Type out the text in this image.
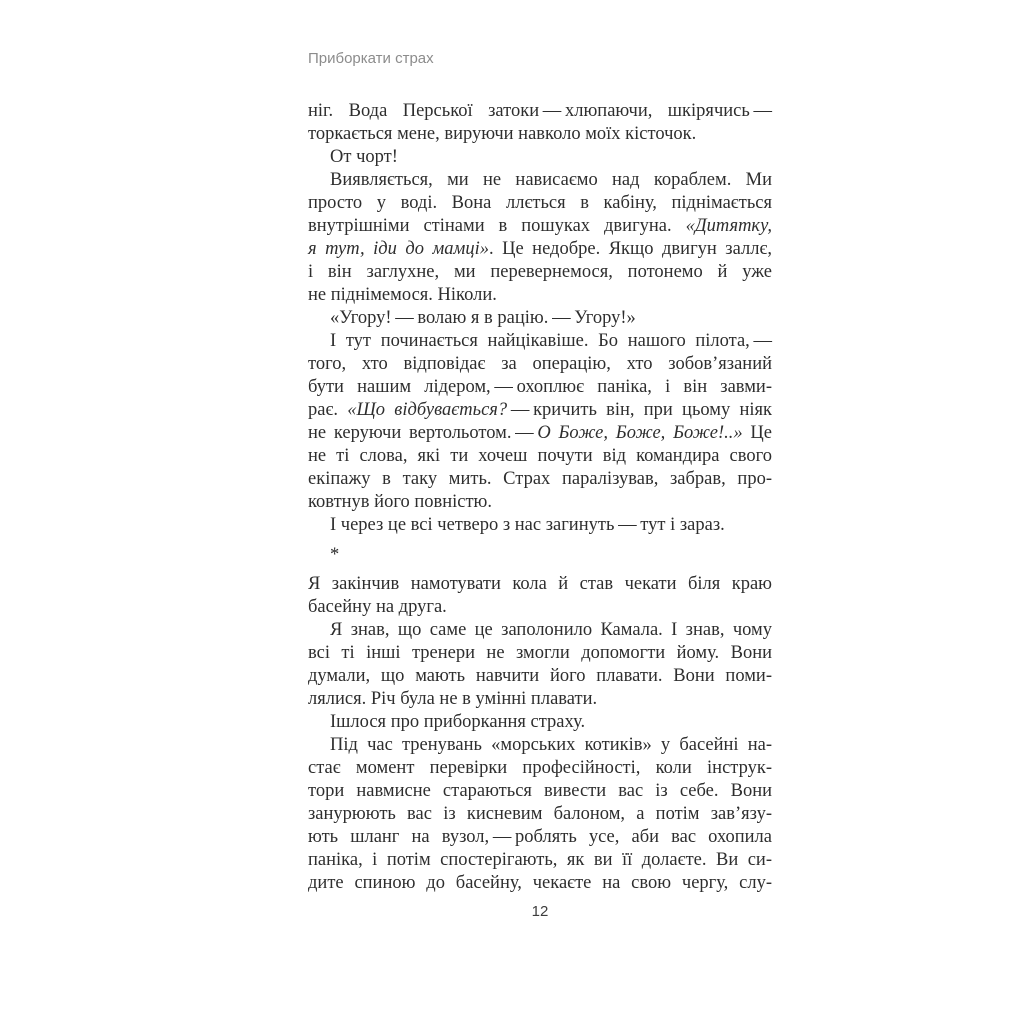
Приборкати страх
ніг. Вода Перської затоки — хлюпаючи, шкірячись —
торкається мене, вируючи навколо моїх кісточок.
От чорт!
Виявляється, ми не нависаємо над кораблем. Ми
просто у воді. Вона ллється в кабіну, піднімається
внутрішніми стінами в пошуках двигуна. «Дитятку,
я тут, іди до мамці». Це недобре. Якщо двигун заллє,
і він заглухне, ми перевернемося, потонемо й уже
не піднімемося. Ніколи.
«Угору! — волаю я в рацію. — Угору!»
І тут починається найцікавіше. Бо нашого пілота, —
того, хто відповідає за операцію, хто зобов’язаний
бути нашим лідером, — охоплює паніка, і він завми-
рає. «Що відбувається? — кричить він, при цьому ніяк
не керуючи вертольотом. — О Боже, Боже, Боже!..» Це
не ті слова, які ти хочеш почути від командира свого
екіпажу в таку мить. Страх паралізував, забрав, про-
ковтнув його повністю.
І через це всі четверо з нас загинуть — тут і зараз.
*
Я закінчив намотувати кола й став чекати біля краю
басейну на друга.
Я знав, що саме це заполонило Камала. І знав, чому
всі ті інші тренери не змогли допомогти йому. Вони
думали, що мають навчити його плавати. Вони поми-
лялися. Річ була не в умінні плавати.
Ішлося про приборкання страху.
Під час тренувань «морських котиків» у басейні на-
стає момент перевірки професійності, коли інструк-
тори навмисне стараються вивести вас із себе. Вони
занурюють вас із кисневим балоном, а потім зав’язу-
ють шланг на вузол, — роблять усе, аби вас охопила
паніка, і потім спостерігають, як ви її долаєте. Ви си-
дите спиною до басейну, чекаєте на свою чергу, слу-
12
